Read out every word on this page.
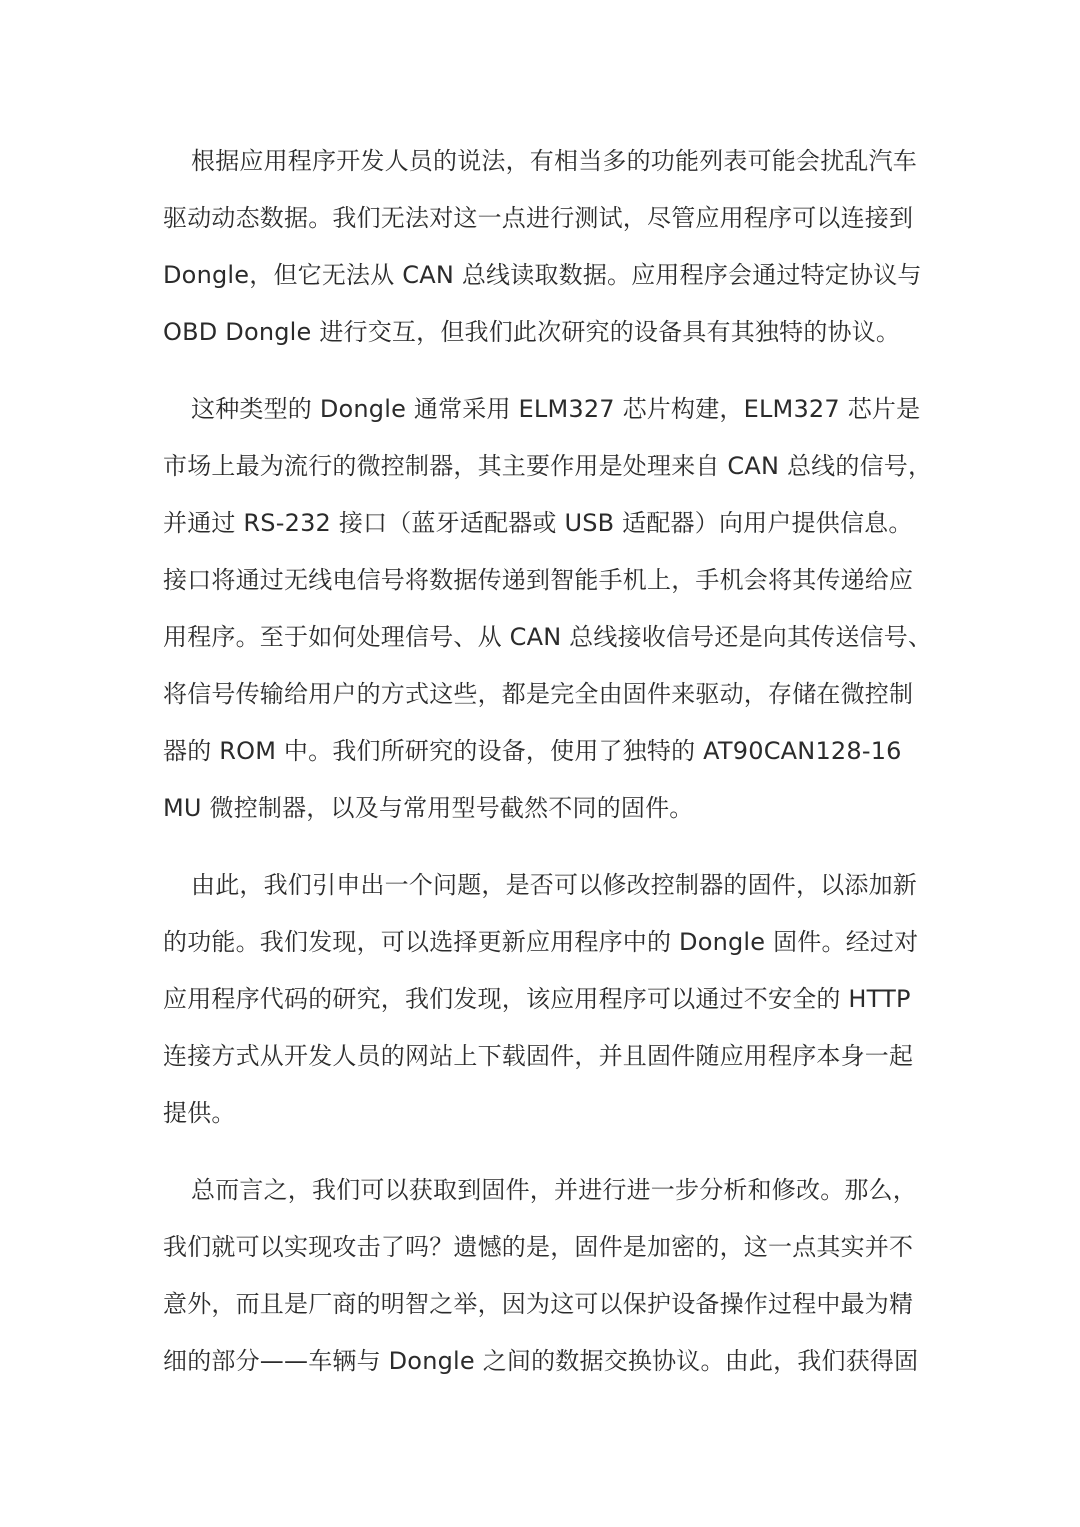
根据应用程序开发人员的说法，有相当多的功能列表可能会扰乱汽车
驱动动态数据。我们无法对这一点进行测试，尽管应用程序可以连接到
Dongle，但它无法从 CAN 总线读取数据。应用程序会通过特定协议与
OBD Dongle 进行交互，但我们此次研究的设备具有其独特的协议。
这种类型的 Dongle 通常采用 ELM327 芯片构建，ELM327 芯片是
市场上最为流行的微控制器，其主要作用是处理来自 CAN 总线的信号，
并通过 RS-232 接口（蓝牙适配器或 USB 适配器）向用户提供信息。
接口将通过无线电信号将数据传递到智能手机上，手机会将其传递给应
用程序。至于如何处理信号、从 CAN 总线接收信号还是向其传送信号、
将信号传输给用户的方式这些，都是完全由固件来驱动，存储在微控制
器的 ROM 中。我们所研究的设备，使用了独特的 AT90CAN128-16
MU 微控制器，以及与常用型号截然不同的固件。
由此，我们引申出一个问题，是否可以修改控制器的固件，以添加新
的功能。我们发现，可以选择更新应用程序中的 Dongle 固件。经过对
应用程序代码的研究，我们发现，该应用程序可以通过不安全的 HTTP
连接方式从开发人员的网站上下载固件，并且固件随应用程序本身一起
提供。
总而言之，我们可以获取到固件，并进行进一步分析和修改。那么，
我们就可以实现攻击了吗？遗憾的是，固件是加密的，这一点其实并不
意外，而且是厂商的明智之举，因为这可以保护设备操作过程中最为精
细的部分——车辆与 Dongle 之间的数据交换协议。由此，我们获得固
